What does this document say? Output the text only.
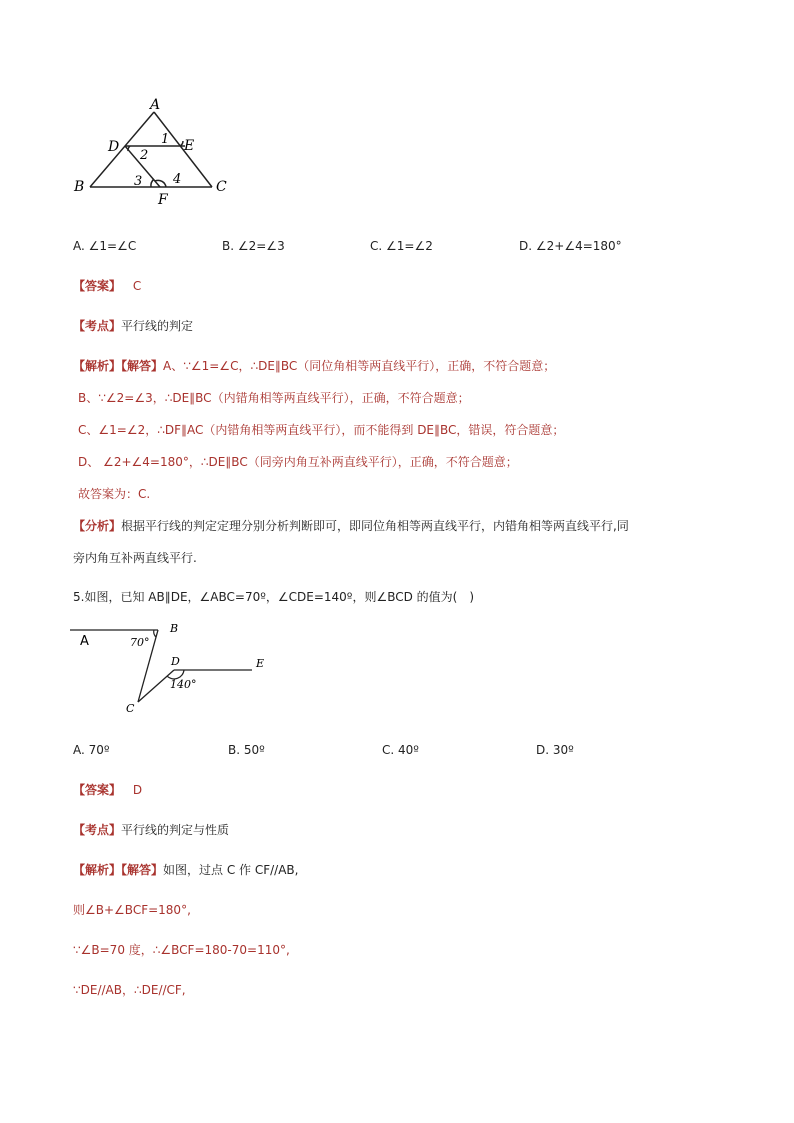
A
D	E
B	C
F
1
2
3 4
A. ∠1=∠C	B. ∠2=∠3	C. ∠1=∠2	D. ∠2+∠4=180°
【答案】 C
【考点】平行线的判定
【解析】【解答】A、∵∠1=∠C，∴DE∥BC（同位角相等两直线平行），正确，不符合题意；
B、∵∠2=∠3，∴DE∥BC（内错角相等两直线平行），正确，不符合题意；
C、∠1=∠2，∴DF∥AC（内错角相等两直线平行），而不能得到 DE∥BC，错误，符合题意；
D、 ∠2+∠4=180°，∴DE∥BC（同旁内角互补两直线平行），正确，不符合题意；
故答案为：C.
【分析】根据平行线的判定定理分别分析判断即可，即同位角相等两直线平行，内错角相等两直线平行,同
旁内角互补两直线平行.
5.如图，已知 AB∥DE，∠ABC=70º，∠CDE=140º，则∠BCD 的值为(　)
A
B
70°
D	E
140°
C
A. 70º	B. 50º	C. 40º	D. 30º
【答案】 D
【考点】平行线的判定与性质
【解析】【解答】如图，过点 C 作 CF//AB,
则∠B+∠BCF=180°,
∵∠B=70 度，∴∠BCF=180-70=110°,
∵DE//AB，∴DE//CF,
